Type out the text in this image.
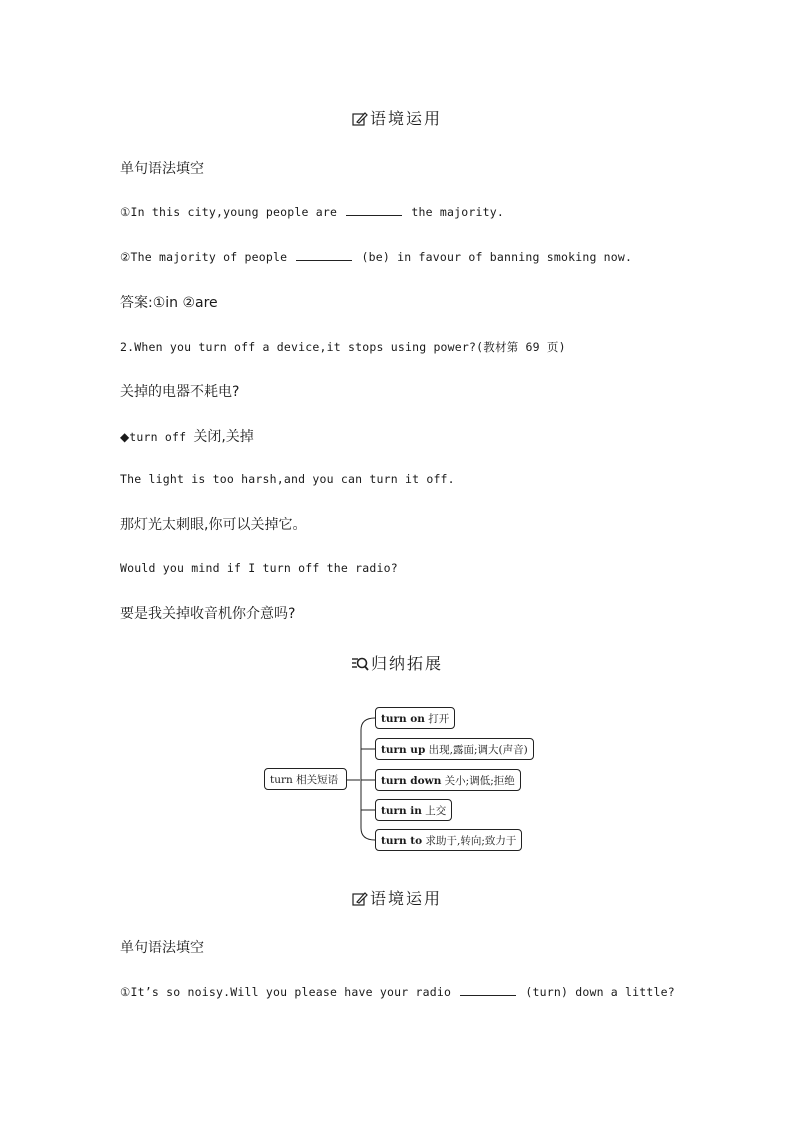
语境运用
单句语法填空
①In this city,young people are	the majority.
②The majority of people	(be) in favour of banning smoking now.
答案:①in ②are
2.When you turn off a device,it stops using power?(教材第 69 页)
关掉的电器不耗电?
◆turn off 关闭,关掉
The light is too harsh,and you can turn it off.
那灯光太刺眼,你可以关掉它。
Would you mind if I turn off the radio?
要是我关掉收音机你介意吗?
归纳拓展
turn 相关短语
turn on 打开
turn up 出现,露面;调大(声音)
turn down 关小;调低;拒绝
turn in 上交
turn to 求助于,转向;致力于
语境运用
单句语法填空
①It’s so noisy.Will you please have your radio	(turn) down a little?
